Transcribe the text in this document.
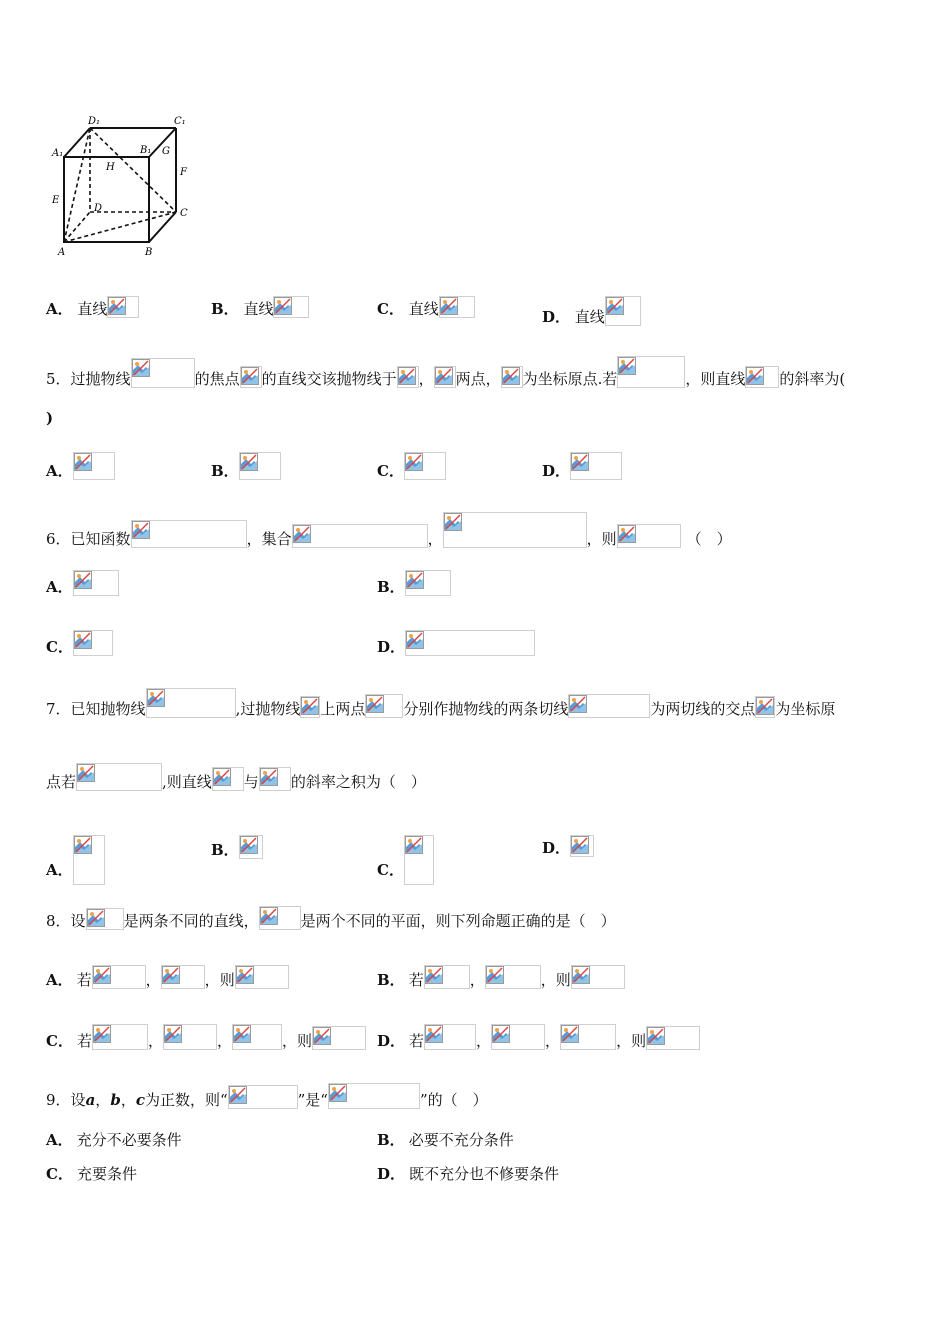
D₁	C₁
A₁	B₁ G
H	F
E
D	C
A	B
A． 直线	B． 直线	C． 直线	D． 直线
5．过抛物线	的焦点 的直线交该抛物线于 ， 两点， 为坐标原点.若	，则直线 的斜率为(
)
A．	B．	C．	D．
6．已知函数	，集合	，	，则	（　）
A．	B．
C．	D．
7．已知抛物线	,过抛物线 上两点	分别作抛物线的两条切线	为两切线的交点 为坐标原
点若	,则直线 与 的斜率之积为（　）
A．
B．
C．
D．
8．设	是两条不同的直线，	是两个不同的平面，则下列命题正确的是（　）
A． 若	，	，则	B． 若	，	，则
C． 若	，	，	，则	D． 若	，	，	，则
9．设a，b，c为正数，则“	”是“	”的（　）
A． 充分不必要条件	B． 必要不充分条件
C． 充要条件	D． 既不充分也不修要条件
